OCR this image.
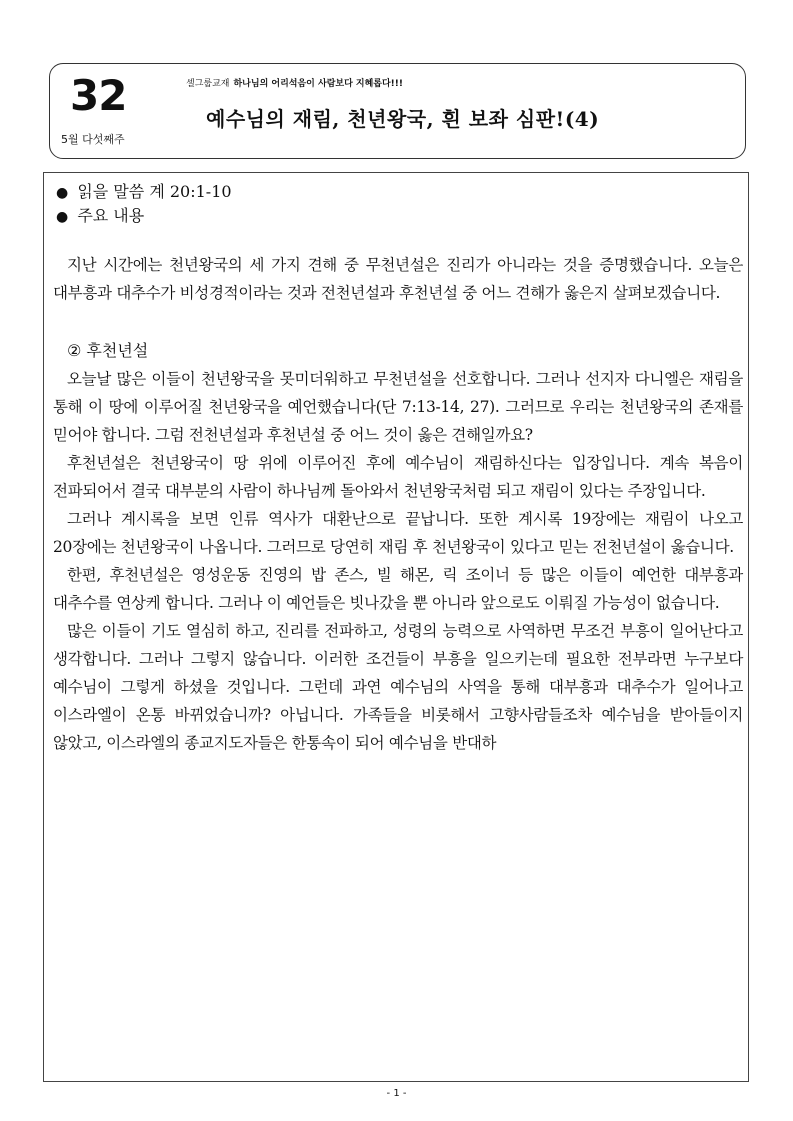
32
5월 다섯째주
셀그룹교재 하나님의 어리석음이 사람보다 지혜롭다!!!
예수님의 재림, 천년왕국, 흰 보좌 심판!(4)
● 읽을 말씀 계 20:1-10
● 주요 내용

지난 시간에는 천년왕국의 세 가지 견해 중 무천년설은 진리가 아니라는 것을 증명했습니다. 오늘은 대부흥과 대추수가 비성경적이라는 것과 전천년설과 후천년설 중 어느 견해가 옳은지 살펴보겠습니다.

② 후천년설

오늘날 많은 이들이 천년왕국을 못미더워하고 무천년설을 선호합니다. 그러나 선지자 다니엘은 재림을 통해 이 땅에 이루어질 천년왕국을 예언했습니다(단 7:13-14, 27). 그러므로 우리는 천년왕국의 존재를 믿어야 합니다. 그럼 전천년설과 후천년설 중 어느 것이 옳은 견해일까요?

후천년설은 천년왕국이 땅 위에 이루어진 후에 예수님이 재림하신다는 입장입니다. 계속 복음이 전파되어서 결국 대부분의 사람이 하나님께 돌아와서 천년왕국처럼 되고 재림이 있다는 주장입니다.

그러나 계시록을 보면 인류 역사가 대환난으로 끝납니다. 또한 계시록 19장에는 재림이 나오고 20장에는 천년왕국이 나옵니다. 그러므로 당연히 재림 후 천년왕국이 있다고 믿는 전천년설이 옳습니다.

한편, 후천년설은 영성운동 진영의 밥 존스, 빌 해몬, 릭 조이너 등 많은 이들이 예언한 대부흥과 대추수를 연상케 합니다. 그러나 이 예언들은 빗나갔을 뿐 아니라 앞으로도 이뤄질 가능성이 없습니다.

많은 이들이 기도 열심히 하고, 진리를 전파하고, 성령의 능력으로 사역하면 무조건 부흥이 일어난다고 생각합니다. 그러나 그렇지 않습니다. 이러한 조건들이 부흥을 일으키는데 필요한 전부라면 누구보다 예수님이 그렇게 하셨을 것입니다. 그런데 과연 예수님의 사역을 통해 대부흥과 대추수가 일어나고 이스라엘이 온통 바뀌었습니까? 아닙니다. 가족들을 비롯해서 고향사람들조차 예수님을 받아들이지 않았고, 이스라엘의 종교지도자들은 한통속이 되어 예수님을 반대하

- 1 -
